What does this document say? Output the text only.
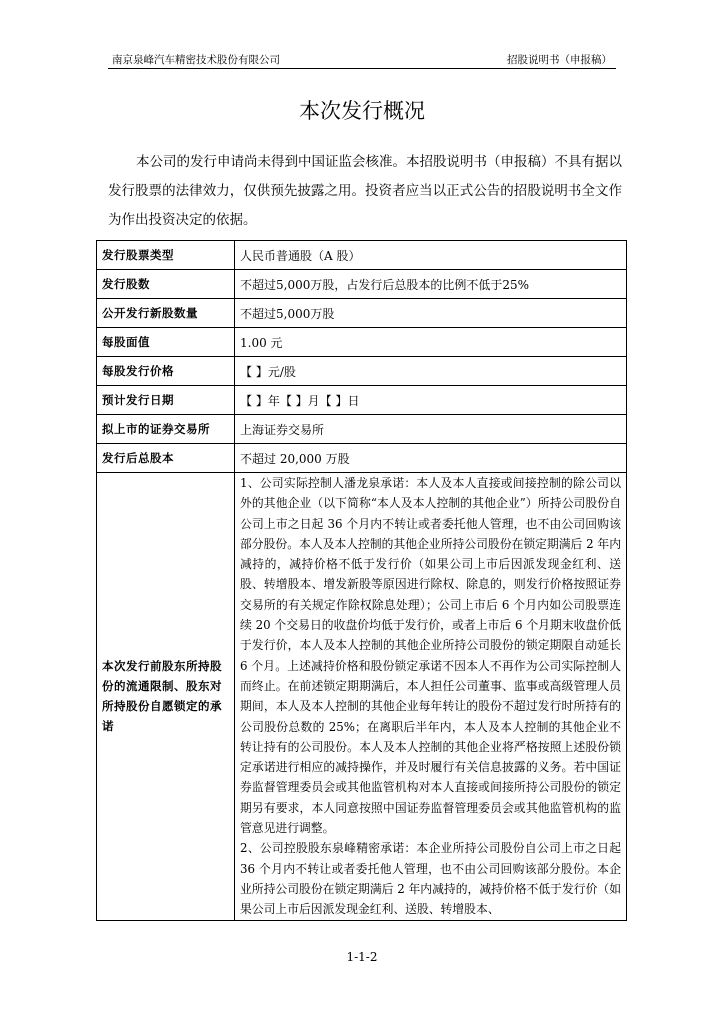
南京泉峰汽车精密技术股份有限公司	招股说明书（申报稿）
本次发行概况
本公司的发行申请尚未得到中国证监会核准。本招股说明书（申报稿）不具有据以发行股票的法律效力，仅供预先披露之用。投资者应当以正式公告的招股说明书全文作为作出投资决定的依据。
发行股票类型	人民币普通股（A 股）
发行股数	不超过5,000万股，占发行后总股本的比例不低于25%
公开发行新股数量	不超过5,000万股
每股面值	1.00 元
每股发行价格	【 】元/股
预计发行日期	【 】年【 】月【 】日
拟上市的证券交易所	上海证券交易所
发行后总股本	不超过 20,000 万股
本次发行前股东所持股份的流通限制、股东对所持股份自愿锁定的承诺	1、公司实际控制人潘龙泉承诺：本人及本人直接或间接控制的除公司以外的其他企业（以下简称“本人及本人控制的其他企业”）所持公司股份自公司上市之日起 36 个月内不转让或者委托他人管理，也不由公司回购该部分股份。本人及本人控制的其他企业所持公司股份在锁定期满后 2 年内减持的，减持价格不低于发行价（如果公司上市后因派发现金红利、送股、转增股本、增发新股等原因进行除权、除息的，则发行价格按照证券交易所的有关规定作除权除息处理）；公司上市后 6 个月内如公司股票连续 20 个交易日的收盘价均低于发行价，或者上市后 6 个月期末收盘价低于发行价，本人及本人控制的其他企业所持公司股份的锁定期限自动延长 6 个月。上述减持价格和股份锁定承诺不因本人不再作为公司实际控制人而终止。在前述锁定期期满后，本人担任公司董事、监事或高级管理人员期间，本人及本人控制的其他企业每年转让的股份不超过发行时所持有的公司股份总数的 25%；在离职后半年内，本人及本人控制的其他企业不转让持有的公司股份。本人及本人控制的其他企业将严格按照上述股份锁定承诺进行相应的减持操作，并及时履行有关信息披露的义务。若中国证券监督管理委员会或其他监管机构对本人直接或间接所持公司股份的锁定期另有要求，本人同意按照中国证券监督管理委员会或其他监管机构的监管意见进行调整。

2、公司控股股东泉峰精密承诺：本企业所持公司股份自公司上市之日起 36 个月内不转让或者委托他人管理，也不由公司回购该部分股份。本企业所持公司股份在锁定期满后 2 年内减持的，减持价格不低于发行价（如果公司上市后因派发现金红利、送股、转增股本、

1-1-2
